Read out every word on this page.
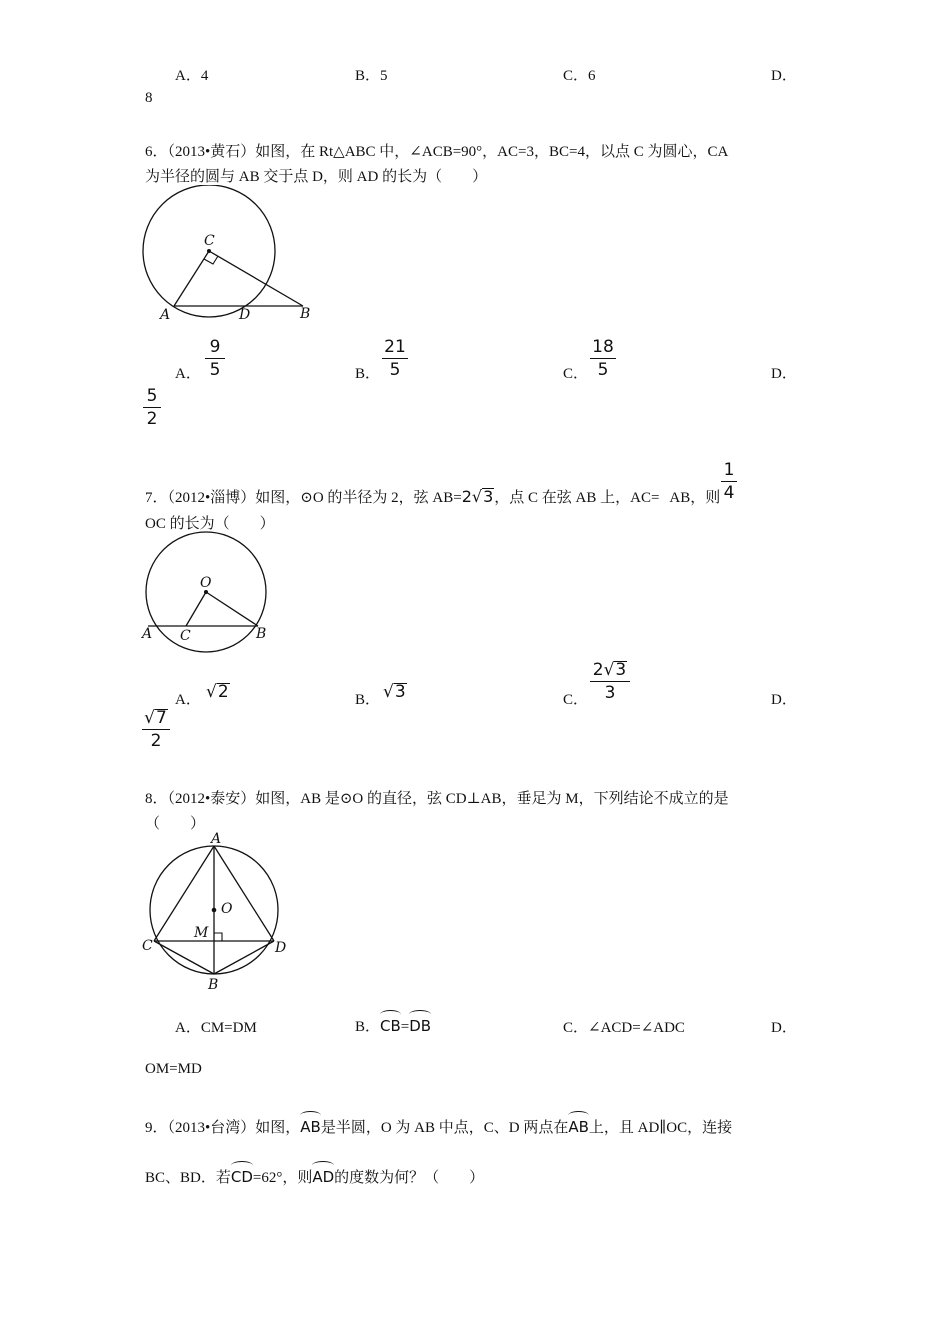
A．4	B．5	C．6	D．
8
6．（2013•黄石）如图，在 Rt△ABC 中，∠ACB=90°，AC=3，BC=4，以点 C 为圆心，CA
为半径的圆与 AB 交于点 D，则 AD 的长为（　　）
C
A	D	B
A．
9
5	B．
21
5	C．
18
5	D．
5
2
7．（2012•淄博）如图，⊙O 的半径为 2，弦 AB=2√3，点 C 在弦 AB 上，AC= AB，则
1
4
OC 的长为（　　）
O
A C	B
A． √2	B． √3	C．
2√3
3	D．
√7
2
8．（2012•泰安）如图，AB 是⊙O 的直径，弦 CD⊥AB，垂足为 M，下列结论不成立的是
（　　）
A
O
M
C	D
B
A．CM=DM	B．CB=DB	C．∠ACD=∠ADC	D．
OM=MD
9．（2013•台湾）如图，AB是半圆，O 为 AB 中点，C、D 两点在AB上，且 AD∥OC，连接
BC、BD．若CD=62°，则AD的度数为何？（　　）
